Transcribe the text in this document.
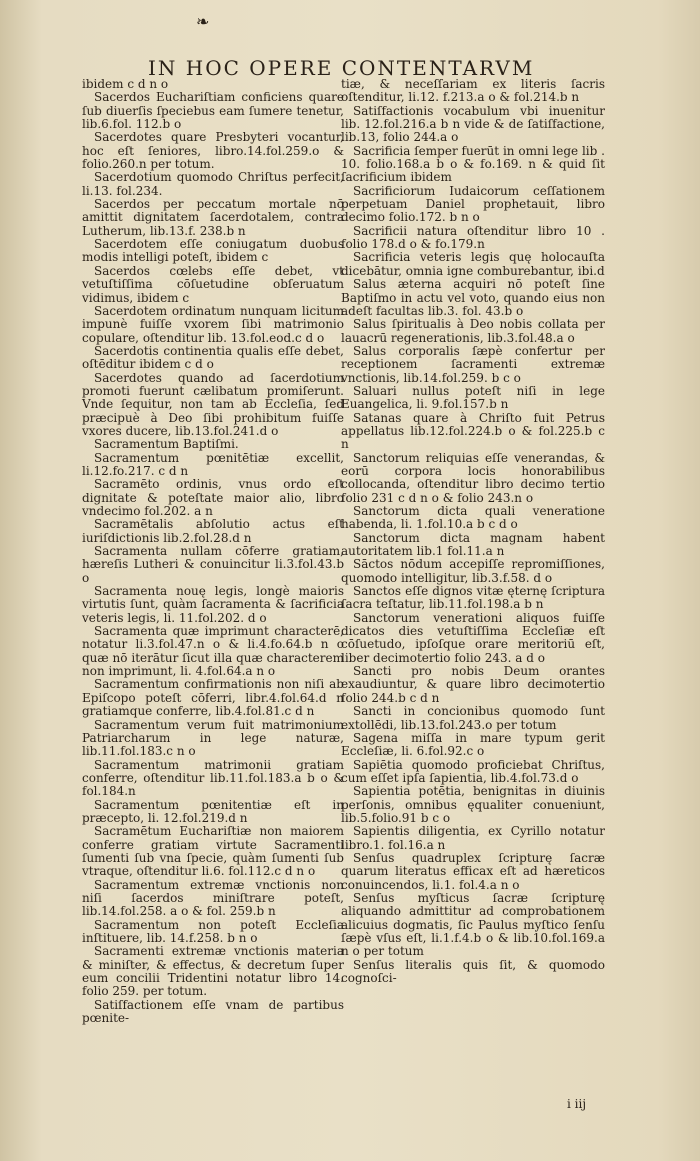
❧
IN HOC OPERE CONTENTARVM

ibidem c d n o

Sacerdos Euchariſtiam conficiens quare ſub diuerſis ſpeciebus eam ſumere tenetur, lib.6.fol. 112.b o

Sacerdotes quare Presbyteri vocantur, hoc eſt ſeniores, libro.14.fol.259.o & folio.260.n per totum.

Sacerdotium quomodo Chriſtus perfecit, li.13. fol.234.

Sacerdos per peccatum mortale nō amittit dignitatem ſacerdotalem, contra Lutherum, lib.13.f. 238.b n

Sacerdotem eſſe coniugatum duobus modis intelligi poteſt, ibidem c

Sacerdos cœlebs eſſe debet, vt vetuſtiſſima cōſuetudine obſeruatum vidimus, ibidem c

Sacerdotem ordinatum nunquam licitum impunè fuiſſe vxorem ſibi matrimonio copulare, oſtenditur lib. 13.fol.eod.c d o

Sacerdotis continentia qualis eſſe debet, oſtēditur ibidem c d o

Sacerdotes quando ad ſacerdotium promoti fuerunt cælibatum promiſerunt. Vnde ſequitur, non tam ab Eccleſia, ſed præcipuè à Deo ſibi prohibitum fuiſſe vxores ducere, lib.13.fol.241.d o

Sacramentum Baptiſmi.

Sacramentum pœnitētiæ excellit, li.12.fo.217. c d n

Sacramēto ordinis, vnus ordo eſt dignitate & poteſtate maior alio, libro vndecimo fol.202. a n

Sacramētalis abſolutio actus eſt iuriſdictionis lib.2.fol.28.d n

Sacramenta nullam cōferre gratiam, hæreſis Lutheri & conuincitur li.3.fol.43.b o

Sacramenta nouę legis, longè maioris virtutis ſunt, quàm ſacramenta & ſacrificia veteris legis, li. 11.fol.202. d o

Sacramenta quæ imprimunt characterē, notatur li.3.fol.47.n o & li.4.fo.64.b n o quæ nō iterātur ſicut illa quæ characterem non imprimunt, li. 4.fol.64.a n o

Sacramentum confirmationis non niſi ab Epiſcopo poteſt cōferri, libr.4.fol.64.d n gratiamque conferre, lib.4.fol.81.c d n

Sacramentum verum fuit matrimonium Patriarcharum in lege naturæ, lib.11.fol.183.c n o

Sacramentum matrimonii gratiam conferre, oſtenditur lib.11.fol.183.a b o & fol.184.n

Sacramentum pœnitentiæ eſt in præcepto, li. 12.fol.219.d n

Sacramētum Euchariſtiæ non maiorem conferre gratiam virtute Sacramenti ſumenti ſub vna ſpecie, quàm ſumenti ſub vtraque, oſtenditur li.6. fol.112.c d n o

Sacramentum extremæ vnctionis non niſi ſacerdos miniſtrare poteſt, lib.14.fol.258. a o & fol. 259.b n

Sacramentum non poteſt Eccleſia inſtituere, lib. 14.f.258. b n o

Sacramenti extremæ vnctionis materia & miniſter, & effectus, & decretum ſuper eum concilii Tridentini notatur libro 14. folio 259. per totum.

Satiſfactionem eſſe vnam de partibus pœnite-

tiæ, & neceſſariam ex literis ſacris oſtenditur, li.12. f.213.a o & fol.214.b n

Satiſfactionis vocabulum vbi inuenitur lib. 12.fol.216.a b n vide & de ſatiſfactione, lib.13, folio 244.a o

Sacrificia ſemper fuerūt in omni lege lib . 10. folio.168.a b o & fo.169. n & quid ſit ſacrificium ibidem

Sacrificiorum Iudaicorum ceſſationem perpetuam Daniel prophetauit, libro decimo folio.172. b n o

Sacrificii natura oſtenditur libro 10 . folio 178.d o & fo.179.n

Sacrificia veteris legis quę holocauſta dicebātur, omnia igne comburebantur, ibi.d

Salus æterna acquiri nō poteſt ſine Baptiſmo in actu vel voto, quando eius non adeſt facultas lib.3. fol. 43.b o

Salus ſpiritualis à Deo nobis collata per lauacrū regenerationis, lib.3.fol.48.a o

Salus corporalis ſæpè confertur per receptionem ſacramenti extremæ vnctionis, lib.14.fol.259. b c o

Saluari nullus poteſt niſi in lege Euangelica, li. 9.fol.157.b n

Satanas quare à Chriſto fuit Petrus appellatus lib.12.fol.224.b o & fol.225.b c n

Sanctorum reliquias eſſe venerandas, & eorū corpora locis honorabilibus collocanda, oſtenditur libro decimo tertio folio 231 c d n o & folio 243.n o

Sanctorum dicta quali veneratione habenda, li. 1.fol.10.a b c d o

Sanctorum dicta magnam habent autoritatem lib.1 fol.11.a n

Sāctos nōdum accepiſſe repromiſſiones, quomodo intelligitur, lib.3.f.58. d o

Sanctos eſſe dignos vitæ ęternę ſcriptura ſacra teſtatur, lib.11.fol.198.a b n

Sanctorum venerationi aliquos fuiſſe dicatos dies vetuſtiſſima Eccleſiæ eſt cōſuetudo, ipſoſque orare meritoriū eſt, liber decimotertio folio 243. a d o

Sancti pro nobis Deum orantes exaudiuntur, & quare libro decimotertio folio 244.b c d n

Sancti in concionibus quomodo ſunt extollēdi, lib.13.fol.243.o per totum

Sagena miſſa in mare typum gerit Eccleſiæ, li. 6.fol.92.c o

Sapiētia quomodo proficiebat Chriſtus, cum eſſet ipſa ſapientia, lib.4.fol.73.d o

Sapientia potētia, benignitas in diuinis perſonis, omnibus ęqualiter conueniunt, lib.5.folio.91 b c o

Sapientis diligentia, ex Cyrillo notatur libro.1. fol.16.a n

Senſus quadruplex ſcripturę ſacræ quarum literatus efficax eſt ad hæreticos conuincendos, li.1. fol.4.a n o

Senſus myſticus ſacræ ſcripturę aliquando admittitur ad comprobationem alicuius dogmatis, ſic Paulus myſtico ſenſu ſæpè vſus eſt, li.1.f.4.b o & lib.10.fol.169.a n o per totum

Senſus literalis quis ſit, & quomodo cognoſci-

i iij
